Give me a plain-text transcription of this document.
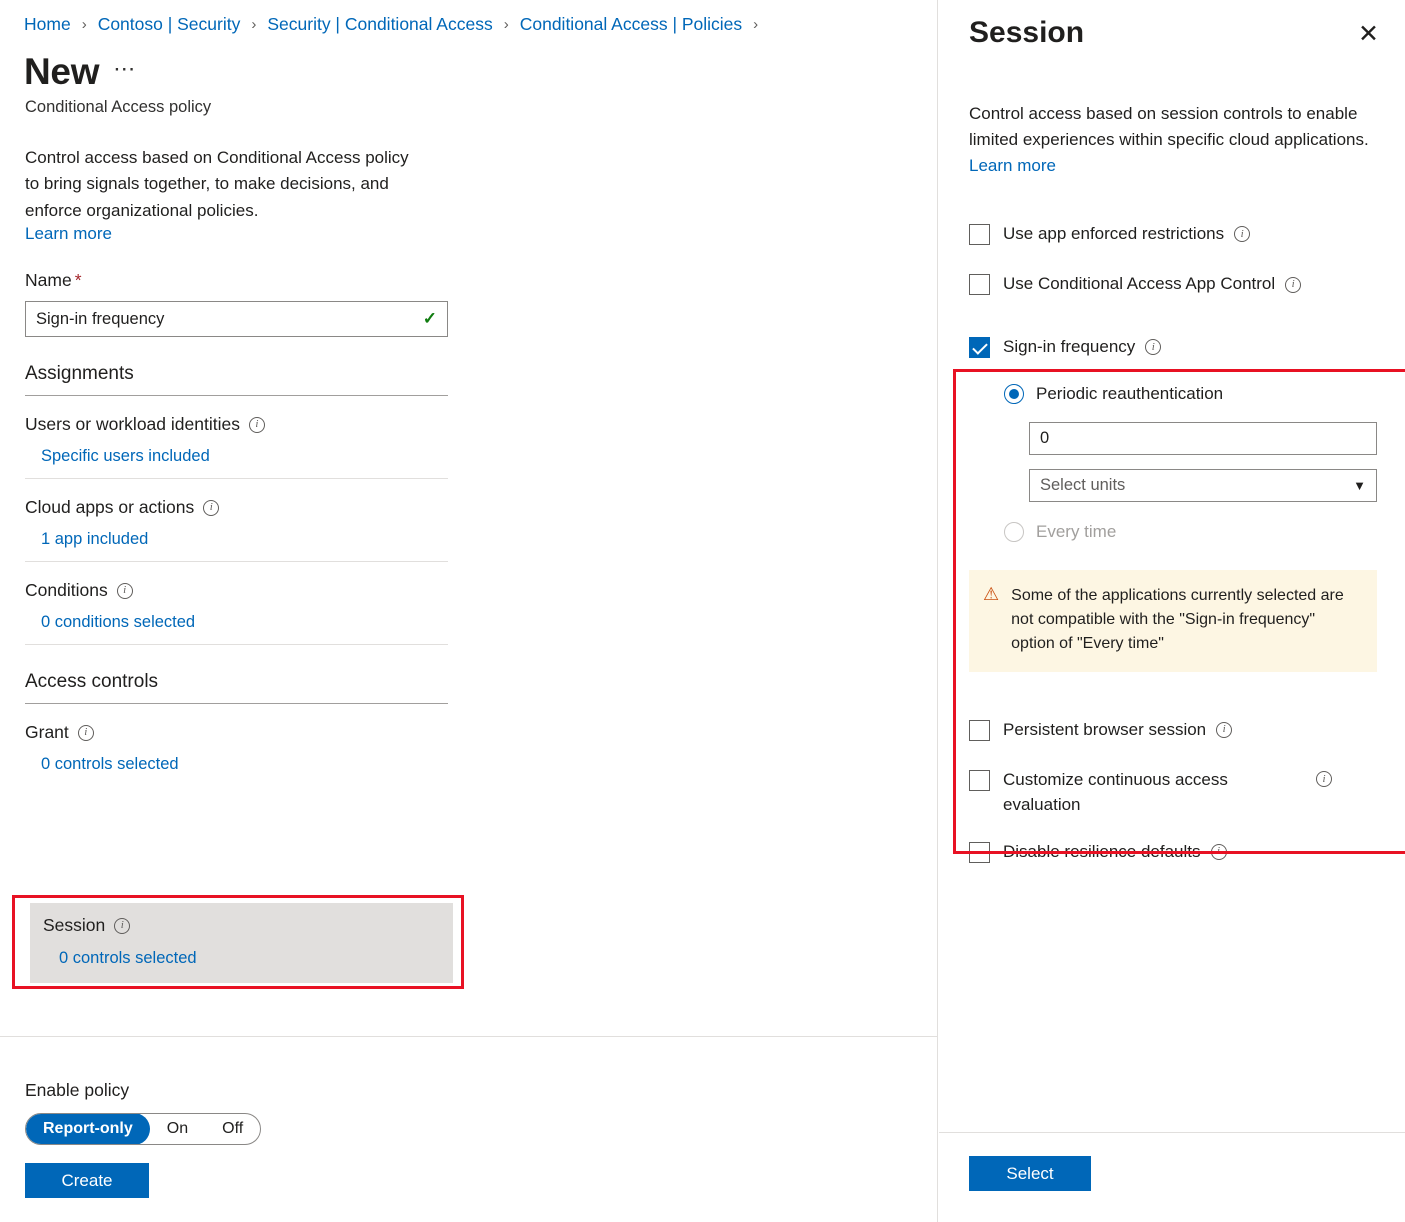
Home › Contoso | Security › Security | Conditional Access › Conditional Access | Policies ›
New ⋯
Conditional Access policy
Control access based on Conditional Access policy to bring signals together, to make decisions, and enforce organizational policies.
Learn more
Name *
Sign-in frequency
✓
Assignments
Users or workload identities	i
Specific users included
Cloud apps or actions	i
1 app included
Conditions	i
0 conditions selected
Access controls
Grant	i
0 controls selected
Session	i
0 controls selected
Enable policy
Report-only	On	Off
Create
Session	✕
Control access based on session controls to enable limited experiences within specific cloud applications.
Learn more
Use app enforced restrictions	i
Use Conditional Access App Control	i
Sign-in frequency	i
Periodic reauthentication
0
Select units	▼
Every time
⚠ Some of the applications currently selected are not compatible with the "Sign-in frequency" option of "Every time"
Persistent browser session	i
Customize continuous access evaluation
i
Disable resilience defaults	i
Select
